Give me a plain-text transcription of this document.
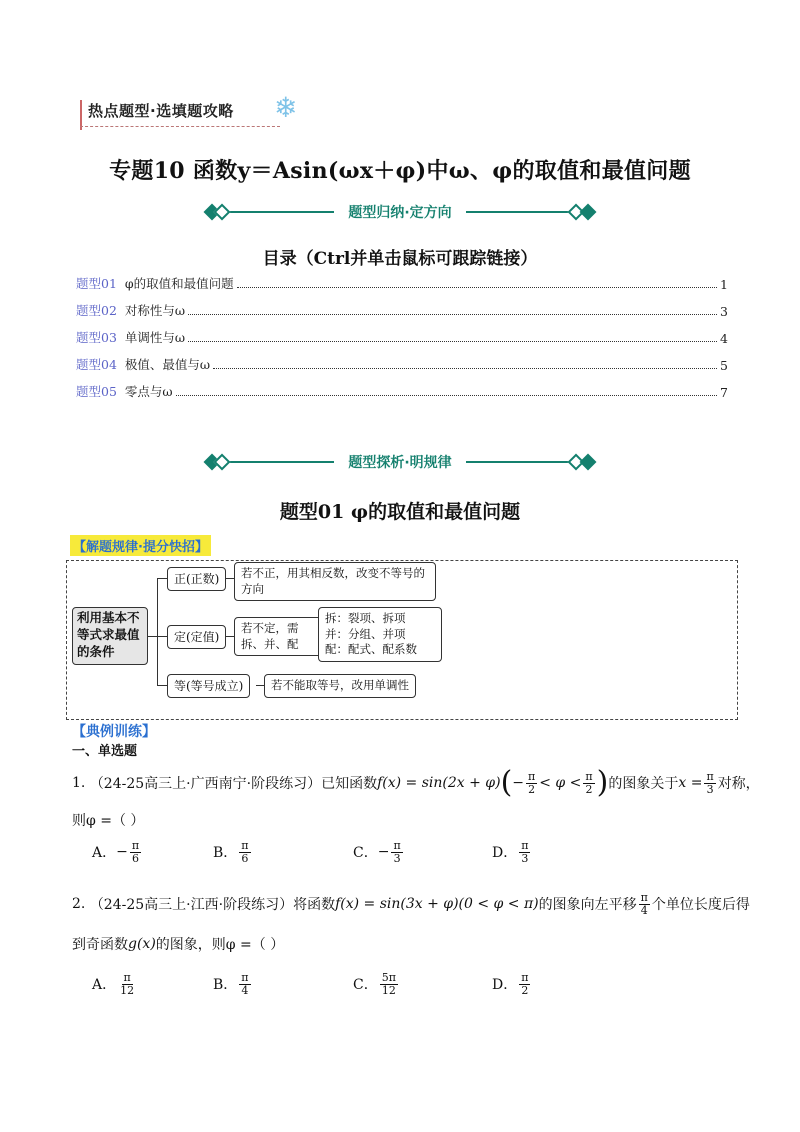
热点题型·选填题攻略 ❄
专题10 函数y＝Asin(ωx＋φ)中ω、φ的取值和最值问题
题型归纳·定方向
目录（Ctrl并单击鼠标可跟踪链接）
题型01 φ的取值和最值问题	1
题型02 对称性与ω	3
题型03 单调性与ω	4
题型04 极值、最值与ω	5
题型05 零点与ω	7
题型探析·明规律
题型01 φ的取值和最值问题
【解题规律·提分快招】
利用基本不等式求最值的条件
正(正数)	若不正，用其相反数，改变不等号的方向
定(定值)
若不定，需拆、并、配
拆：裂项、拆项
并：分组、并项
配：配式、配系数
等(等号成立)	若不能取等号，改用单调性
【典例训练】
一、单选题
1.
（24-25高三上·广西南宁·阶段练习）已知函数 f(x) = sin(2x + φ) ( − $\frac{\pi}{2} < \varphi < \frac{\pi}{2}$ ) 的图象关于 $x = \frac{\pi}{3}$ 对称，
则φ =（ ）
A． − $\frac{\pi}{6}$	B． $\frac{\pi}{6}$	C． − $\frac{\pi}{3}$	D． $\frac{\pi}{3}$
2.
（24-25高三上·江西·阶段练习）将函数 f(x) = sin(3x + φ)(0 < φ < π) 的图象向左平移 $\frac{\pi}{4}$ 个单位长度后得
到奇函数 g(x) 的图象，则φ =（ ）
A． $\frac{\pi}{12}$	B． $\frac{\pi}{4}$	C． $\frac{5\pi}{12}$	D． $\frac{\pi}{2}$
